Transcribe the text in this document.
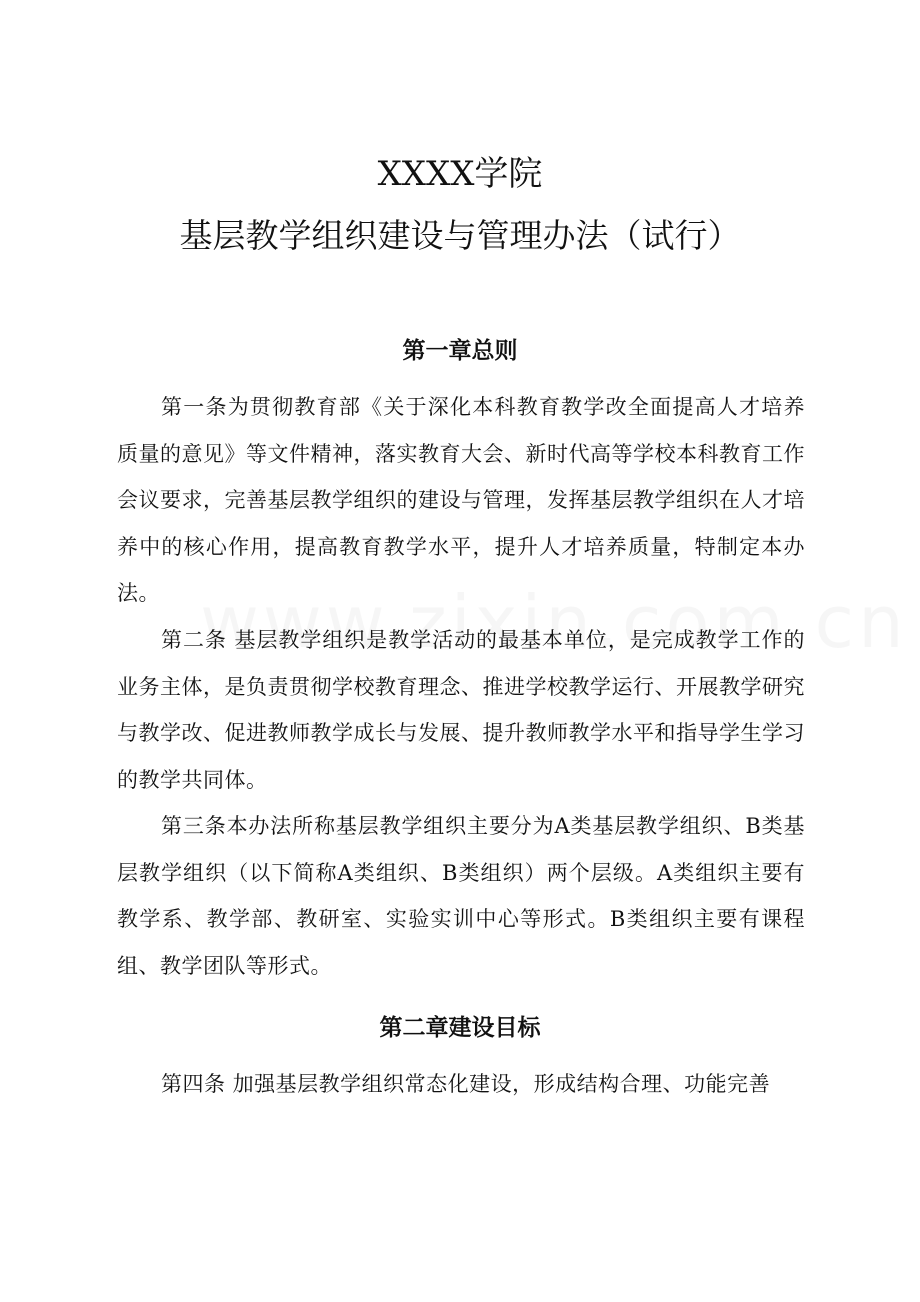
XXXX学院
基层教学组织建设与管理办法（试行）
第一章总则

第一条为贯彻教育部《关于深化本科教育教学改全面提高人才培养质量的意见》等文件精神，落实教育大会、新时代高等学校本科教育工作会议要求，完善基层教学组织的建设与管理，发挥基层教学组织在人才培养中的核心作用，提高教育教学水平，提升人才培养质量，特制定本办法。

第二条 基层教学组织是教学活动的最基本单位，是完成教学工作的业务主体，是负责贯彻学校教育理念、推进学校教学运行、开展教学研究与教学改、促进教师教学成长与发展、提升教师教学水平和指导学生学习的教学共同体。

第三条本办法所称基层教学组织主要分为A类基层教学组织、B类基层教学组织（以下简称A类组织、B类组织）两个层级。A类组织主要有教学系、教学部、教研室、实验实训中心等形式。B类组织主要有课程组、教学团队等形式。

第二章建设目标

第四条 加强基层教学组织常态化建设，形成结构合理、功能完善
